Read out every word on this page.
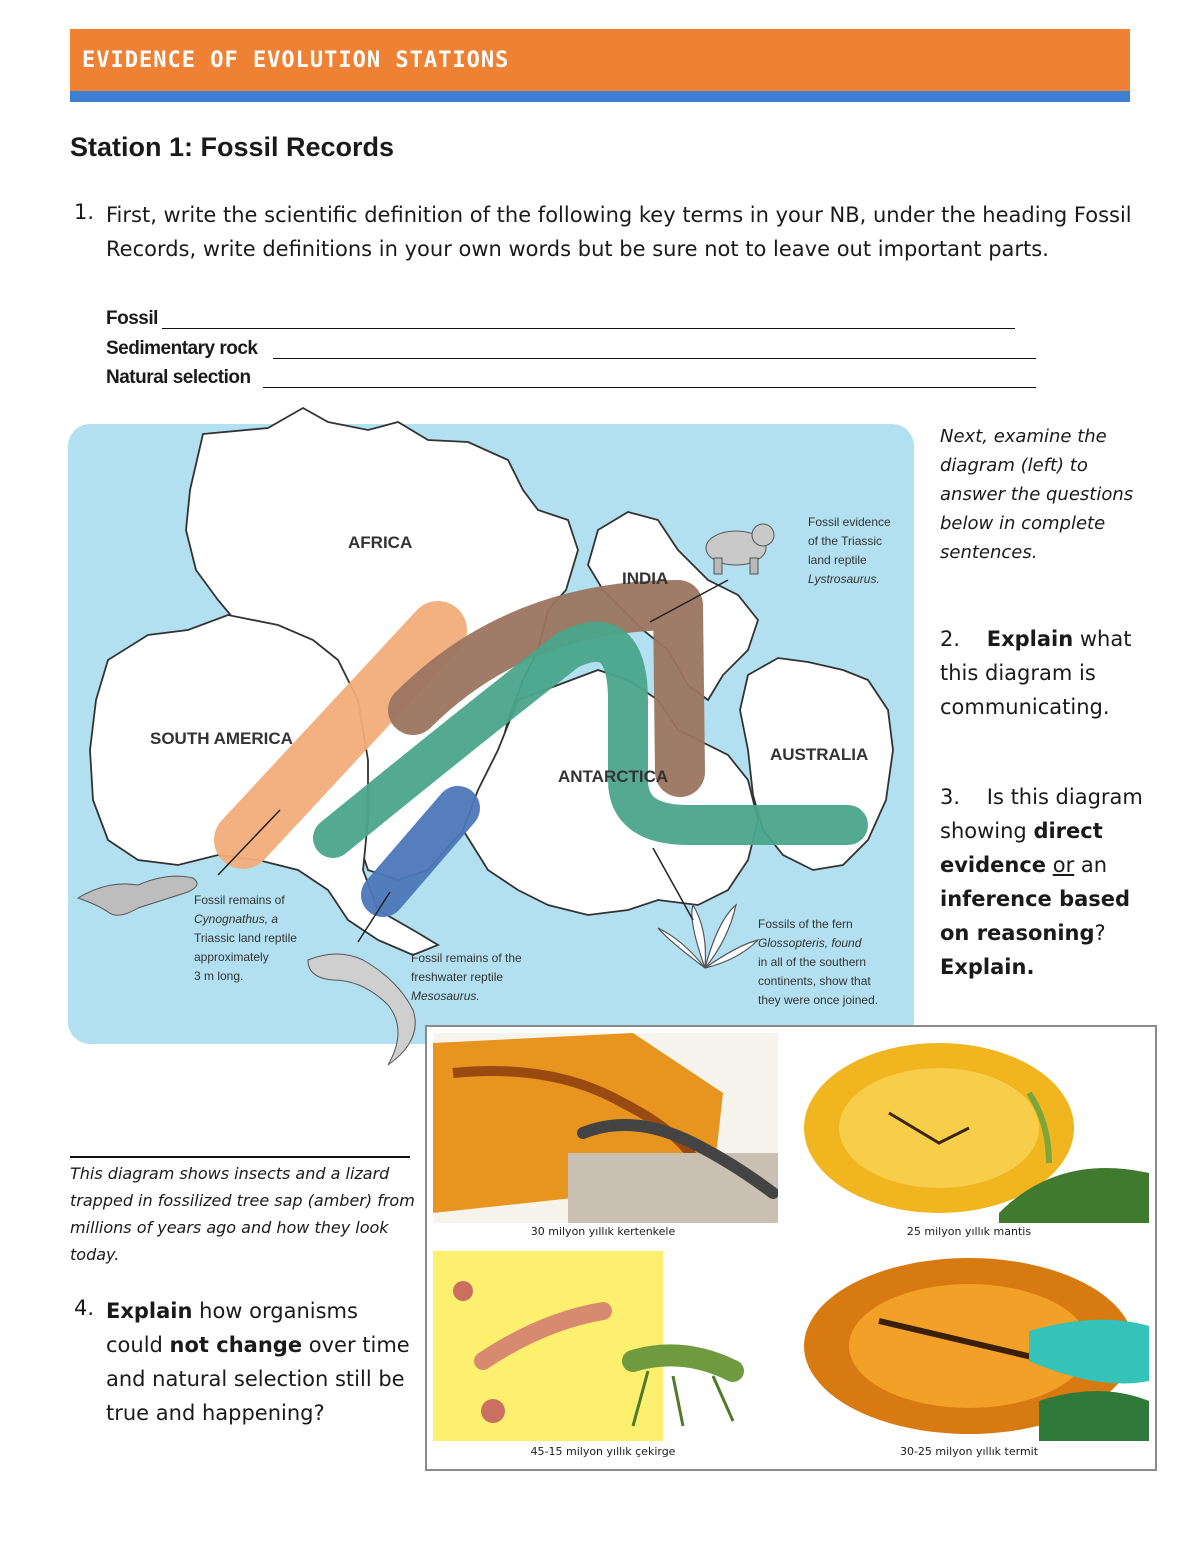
EVIDENCE OF EVOLUTION STATIONS
Station 1: Fossil Records
1. First, write the scientific definition of the following key terms in your NB, under the heading Fossil Records, write definitions in your own words but be sure not to leave out important parts.
Fossil
Sedimentary rock
Natural selection
AFRICA
INDIA
SOUTH AMERICA
ANTARCTICA
AUSTRALIA
Fossil evidence of the Triassic land reptile Lystrosaurus.
Fossil remains of Cynognathus, a Triassic land reptile approximately 3 m long.
Fossil remains of the freshwater reptile Mesosaurus.
Fossils of the fern Glossopteris, found in all of the southern continents, show that they were once joined.
Next, examine the diagram (left) to answer the questions below in complete sentences.
2. Explain what this diagram is communicating.
3.    Is this diagram showing direct evidence or an inference based on reasoning? Explain.
30 milyon yıllık kertenkele	25 milyon yıllık mantis
45-15 milyon yıllık çekirge	30-25 milyon yıllık termit
This diagram shows insects and a lizard trapped in fossilized tree sap (amber) from millions of years ago and how they look today.
4. Explain how organisms could not change over time and natural selection still be true and happening?
